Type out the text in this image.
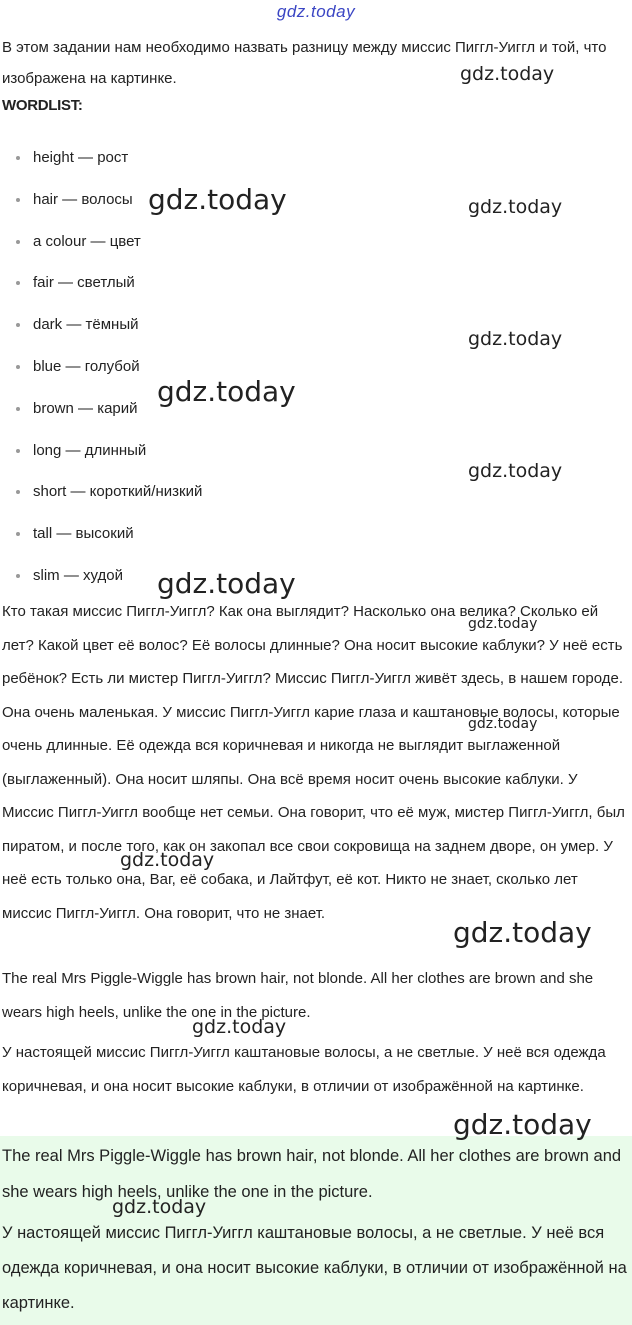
gdz.today
В этом задании нам необходимо назвать разницу между миссис Пиггл-Уиггл и той, что изображена на картинке.
WORDLIST:
height — рост
hair — волосы
a colour — цвет
fair — светлый
dark — тёмный
blue — голубой
brown — карий
long — длинный
short — короткий/низкий
tall — высокий
slim — худой
Кто такая миссис Пиггл-Уиггл? Как она выглядит? Насколько она велика? Сколько ей лет? Какой цвет её волос? Её волосы длинные? Она носит высокие каблуки? У неё есть ребёнок? Есть ли мистер Пиггл-Уиггл? Миссис Пиггл-Уиггл живёт здесь, в нашем городе. Она очень маленькая. У миссис Пиггл-Уиггл карие глаза и каштановые волосы, которые очень длинные. Её одежда вся коричневая и никогда не выглядит выглаженной (выглаженный). Она носит шляпы. Она всё время носит очень высокие каблуки. У Миссис Пиггл-Уиггл вообще нет семьи. Она говорит, что её муж, мистер Пиггл-Уиггл, был пиратом, и после того, как он закопал все свои сокровища на заднем дворе, он умер. У неё есть только она, Ваг, её собака, и Лайтфут, её кот. Никто не знает, сколько лет миссис Пиггл-Уиггл. Она говорит, что не знает.
The real Mrs Piggle-Wiggle has brown hair, not blonde. All her clothes are brown and she wears high heels, unlike the one in the picture.
У настоящей миссис Пиггл-Уиггл каштановые волосы, а не светлые. У неё вся одежда коричневая, и она носит высокие каблуки, в отличии от изображённой на картинке.
The real Mrs Piggle-Wiggle has brown hair, not blonde. All her clothes are brown and she wears high heels, unlike the one in the picture.
У настоящей миссис Пиггл-Уиггл каштановые волосы, а не светлые. У неё вся одежда коричневая, и она носит высокие каблуки, в отличии от изображённой на картинке.
gdz.today
gdz.today	gdz.today
gdz.today
gdz.today
gdz.today
gdz.today
gdz.today
gdz.today
gdz.today
gdz.today
gdz.today
gdz.today
gdz.today
